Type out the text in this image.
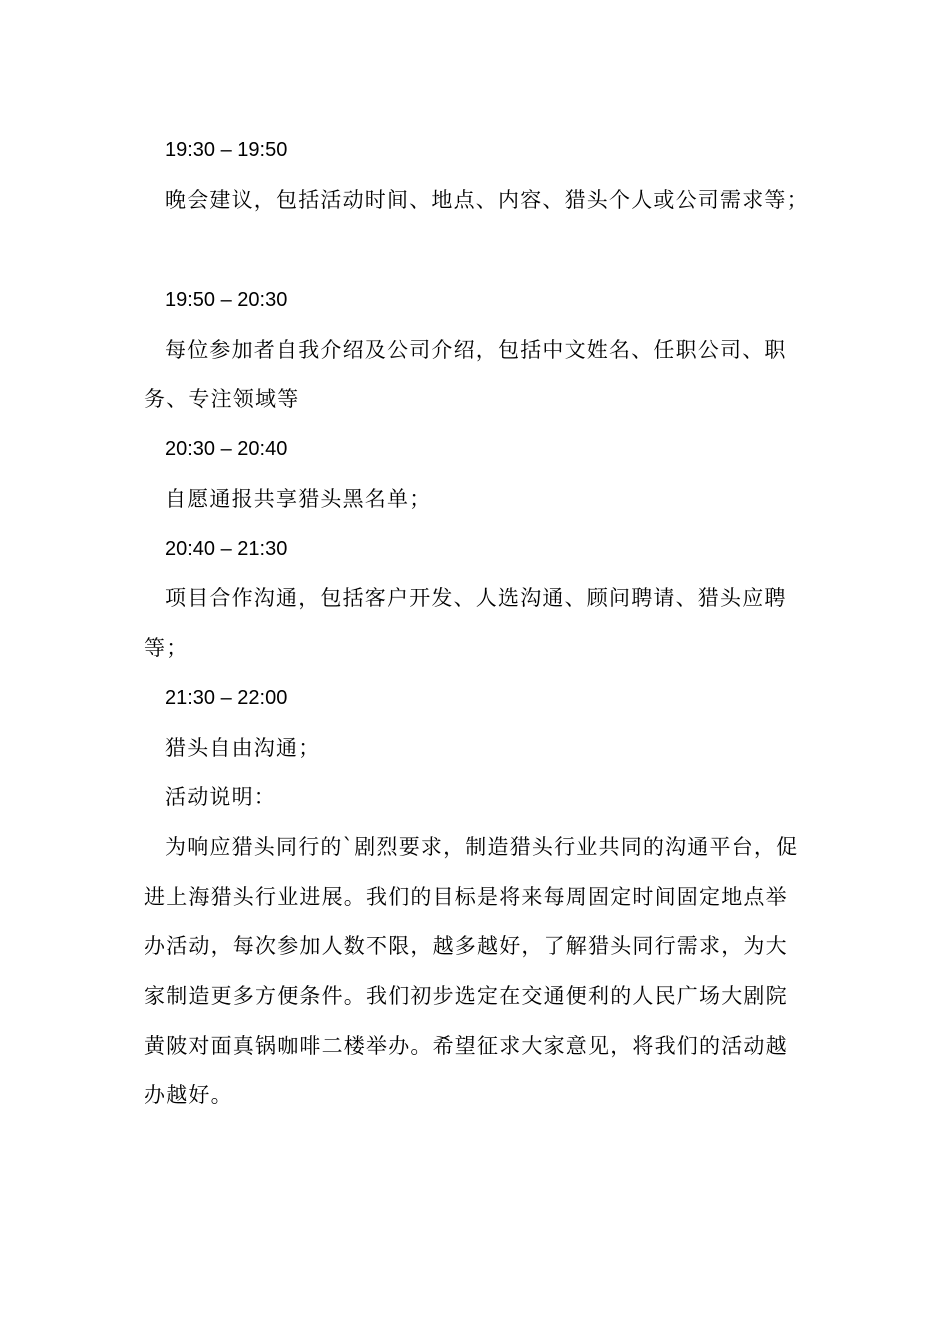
19:30 – 19:50
晚会建议，包括活动时间、地点、内容、猎头个人或公司需求等；
19:50 – 20:30
每位参加者自我介绍及公司介绍，包括中文姓名、任职公司、职
务、专注领域等
20:30 – 20:40
自愿通报共享猎头黑名单；
20:40 – 21:30
项目合作沟通，包括客户开发、人选沟通、顾问聘请、猎头应聘
等；
21:30 – 22:00
猎头自由沟通；
活动说明：
为响应猎头同行的`剧烈要求，制造猎头行业共同的沟通平台，促
进上海猎头行业进展。我们的目标是将来每周固定时间固定地点举
办活动，每次参加人数不限，越多越好，了解猎头同行需求，为大
家制造更多方便条件。我们初步选定在交通便利的人民广场大剧院
黄陂对面真锅咖啡二楼举办。希望征求大家意见，将我们的活动越
办越好。
